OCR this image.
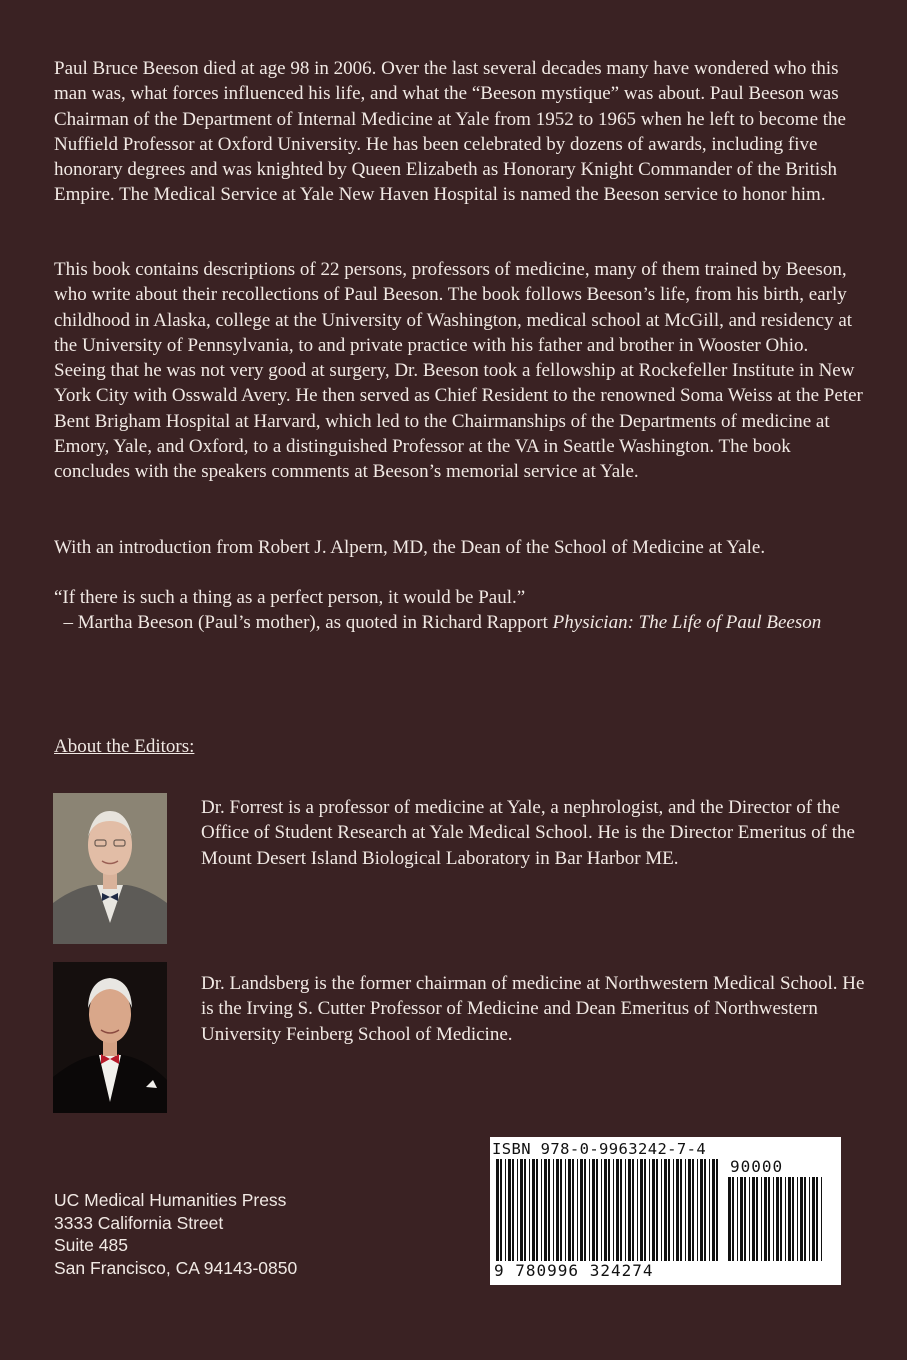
Paul Bruce Beeson died at age 98 in 2006. Over the last several decades many have wondered who this man was, what forces influenced his life, and what the “Beeson mystique” was about. Paul Beeson was Chairman of the Department of Internal Medicine at Yale from 1952 to 1965 when he left to become the Nuffield Professor at Oxford University. He has been celebrated by dozens of awards, including five honorary degrees and was knighted by Queen Elizabeth as Honorary Knight Commander of the British Empire. The Medical Service at Yale New Haven Hospital is named the Beeson service to honor him.

This book contains descriptions of 22 persons, professors of medicine, many of them trained by Beeson, who write about their recollections of Paul Beeson. The book follows Beeson’s life, from his birth, early childhood in Alaska, college at the University of Washington, medical school at McGill, and residency at the University of Pennsylvania, to and private practice with his father and brother in Wooster Ohio. Seeing that he was not very good at surgery, Dr. Beeson took a fellowship at Rockefeller Institute in New York City with Osswald Avery. He then served as Chief Resident to the renowned Soma Weiss at the Peter Bent Brigham Hospital at Harvard, which led to the Chairmanships of the Departments of medicine at Emory, Yale, and Oxford, to a distinguished Professor at the VA in Seattle Washington. The book concludes with the speakers comments at Beeson’s memorial service at Yale.

With an introduction from Robert J. Alpern, MD, the Dean of the School of Medicine at Yale.

“If there is such a thing as a perfect person, it would be Paul.”
– Martha Beeson (Paul’s mother), as quoted in Richard Rapport Physician: The Life of Paul Beeson

About the Editors:

Dr. Forrest is a professor of medicine at Yale, a nephrologist, and the Director of the Office of Student Research at Yale Medical School. He is the Director Emeritus of the Mount Desert Island Biological Laboratory in Bar Harbor ME.

Dr. Landsberg is the former chairman of medicine at Northwestern Medical School. He is the Irving S. Cutter Professor of Medicine and Dean Emeritus of Northwestern University Feinberg School of Medicine.

UC Medical Humanities Press
3333 California Street
Suite 485
San Francisco, CA 94143-0850
ISBN 978-0-9963242-7-4
90000
9 780996 324274
